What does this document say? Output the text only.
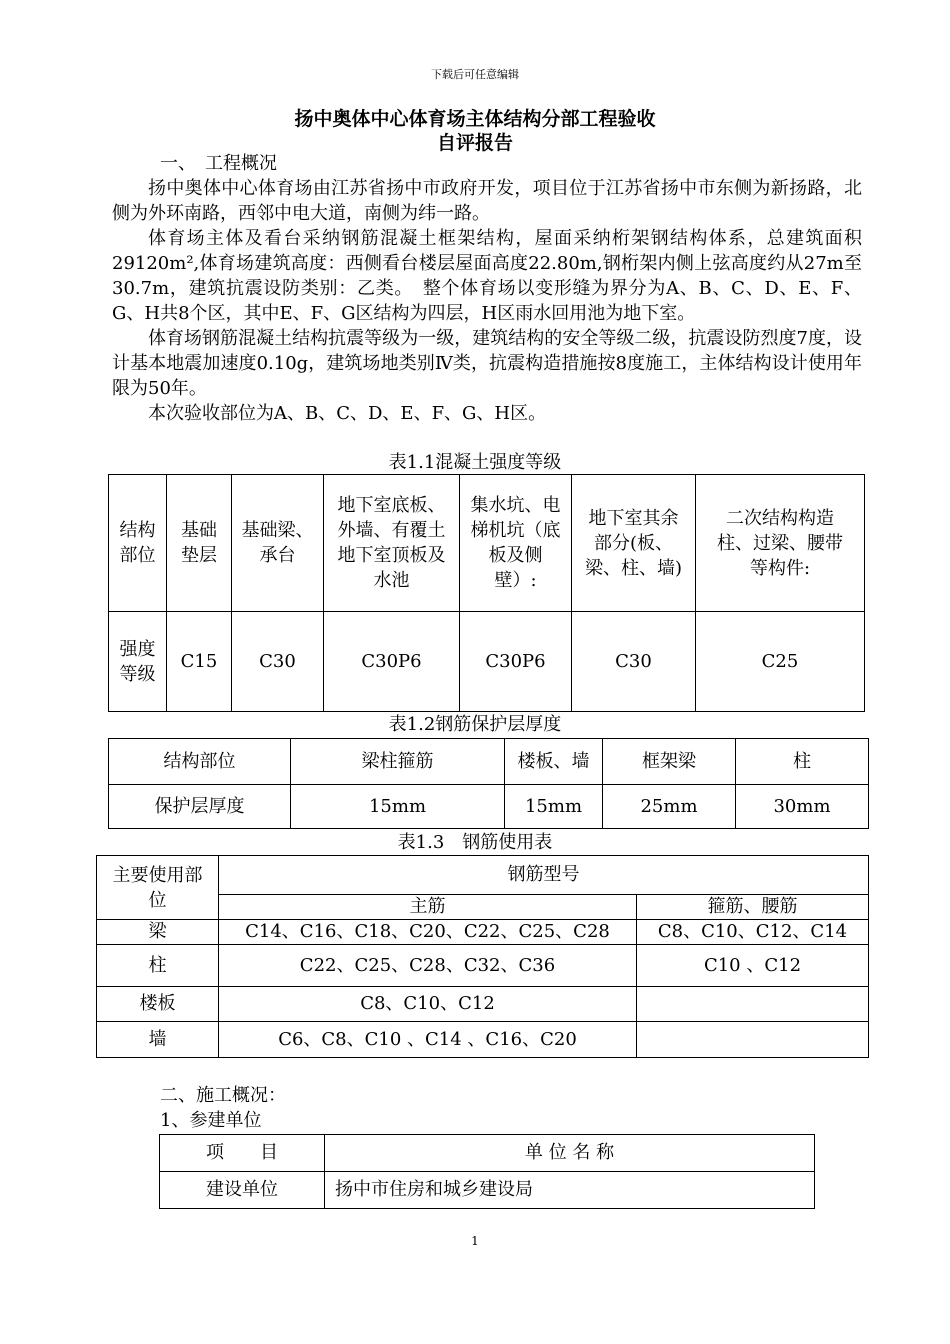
下载后可任意编辑
扬中奥体中心体育场主体结构分部工程验收
自评报告
一、　工程概况

扬中奥体中心体育场由江苏省扬中市政府开发，项目位于江苏省扬中市东侧为新扬路，北侧为外环南路，西邻中电大道，南侧为纬一路。

体育场主体及看台采纳钢筋混凝土框架结构，屋面采纳桁架钢结构体系，总建筑面积29120m²,体育场建筑高度：西侧看台楼层屋面高度22.80m,钢桁架内侧上弦高度约从27m至30.7m，建筑抗震设防类别：乙类。　整个体育场以变形缝为界分为A、B、C、D、E、F、G、H共8个区，其中E、F、G区结构为四层，H区雨水回用池为地下室。

体育场钢筋混凝土结构抗震等级为一级，建筑结构的安全等级二级，抗震设防烈度7度，设计基本地震加速度0.10g，建筑场地类别Ⅳ类，抗震构造措施按8度施工，主体结构设计使用年限为50年。

本次验收部位为A、B、C、D、E、F、G、H区。

表1.1混凝土强度等级
结构部位	基础垫层	基础梁、承台	地下室底板、外墙、有覆土地下室顶板及水池	集水坑、电梯机坑（底板及侧壁）:	地下室其余部分(板、梁、柱、墙)	二次结构构造柱、过梁、腰带等构件:
强度等级	C15	C30	C30P6	C30P6	C30	C25
表1.2钢筋保护层厚度
结构部位	梁柱箍筋	楼板、墙	框架梁	柱
保护层厚度	15mm	15mm	25mm	30mm
表1.3　钢筋使用表
主要使用部位	钢筋型号	
	主筋	箍筋、腰筋
梁	C14、C16、C18、C20、C22、C25、C28	C8、C10、C12、C14
柱	C22、C25、C28、C32、C36	C10 、C12
楼板	C8、C10、C12	
墙	C6、C8、C10 、C14 、C16、C20	
二、施工概况：
1、参建单位
项　　目	单 位 名 称
建设单位	扬中市住房和城乡建设局
1
